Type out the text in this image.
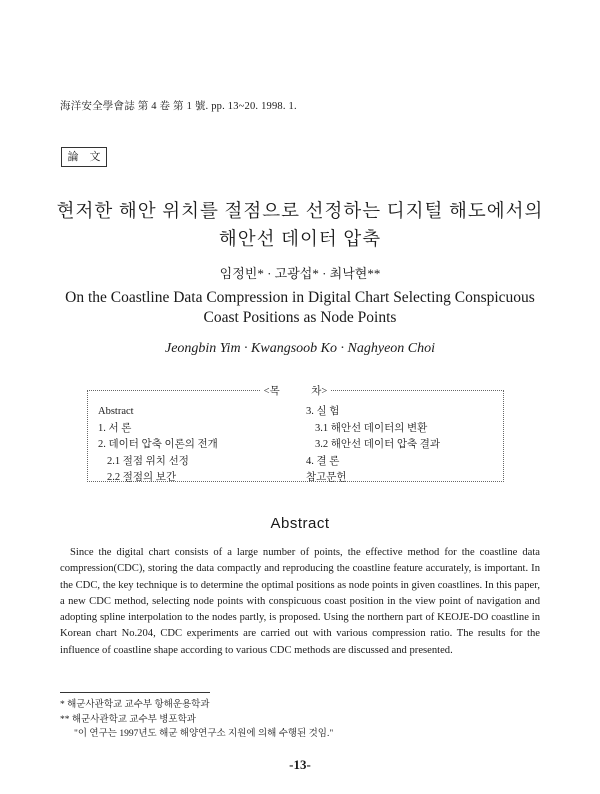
海洋安全學會誌 第 4 卷 第 1 號. pp. 13~20. 1998. 1.
論　文
현저한 해안 위치를 절점으로 선정하는 디지털 해도에서의
해안선 데이터 압축
임정빈* · 고광섭* · 최낙현**
On the Coastline Data Compression in Digital Chart Selecting Conspicuous
Coast Positions as Node Points
Jeongbin Yim · Kwangsoob Ko · Naghyeon Choi
<목　　　차>
Abstract
1. 서 론
2. 데이터 압축 이론의 전개
2.1 절점 위치 선정
2.2 절점의 보간
3. 실 험
3.1 해안선 데이터의 변환
3.2 해안선 데이터 압축 결과
4. 결 론
참고문헌
Abstract
Since the digital chart consists of a large number of points, the effective method for the coastline data compression(CDC), storing the data compactly and reproducing the coastline feature accurately, is important. In the CDC, the key technique is to determine the optimal positions as node points in given coastlines. In this paper, a new CDC method, selecting node points with conspicuous coast position in the view point of navigation and adopting spline interpolation to the nodes partly, is proposed. Using the northern part of KEOJE-DO coastline in Korean chart No.204, CDC experiments are carried out with various compression ratio. The results for the influence of coastline shape according to various CDC methods are discussed and presented.
* 해군사관학교 교수부 항해운용학과
** 해군사관학교 교수부 병포학과
"이 연구는 1997년도 해군 해양연구소 지원에 의해 수행된 것임."
-13-
